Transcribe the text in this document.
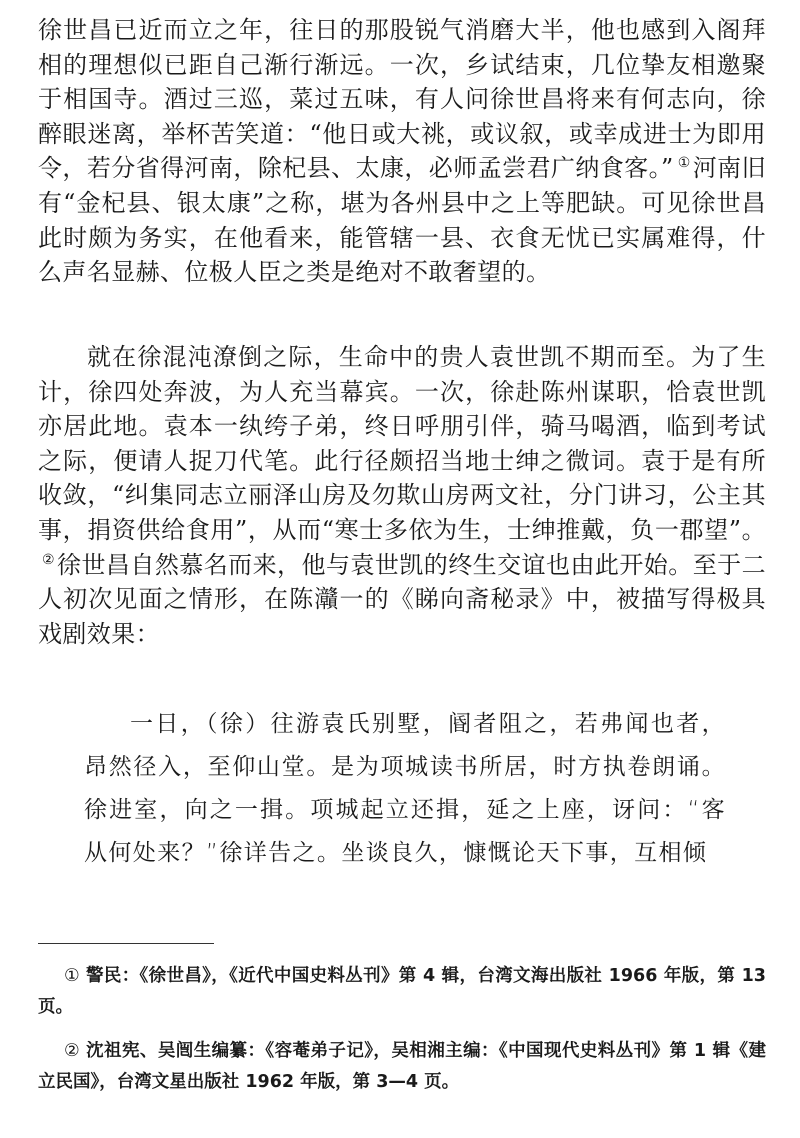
徐世昌已近而立之年，往日的那股锐气消磨大半，他也感到入阁拜相的理想似已距自己渐行渐远。一次，乡试结束，几位挚友相邀聚于相国寺。酒过三巡，菜过五味，有人问徐世昌将来有何志向，徐醉眼迷离，举杯苦笑道：“他日或大祧，或议叙，或幸成进士为即用令，若分省得河南，除杞县、太康，必师孟尝君广纳食客。” ①河南旧有“金杞县、银太康”之称，堪为各州县中之上等肥缺。可见徐世昌此时颇为务实，在他看来，能管辖一县、衣食无忧已实属难得，什么声名显赫、位极人臣之类是绝对不敢奢望的。

就在徐混沌潦倒之际，生命中的贵人袁世凯不期而至。为了生计，徐四处奔波，为人充当幕宾。一次，徐赴陈州谋职，恰袁世凯亦居此地。袁本一纨绔子弟，终日呼朋引伴，骑马喝酒，临到考试之际，便请人捉刀代笔。此行径颇招当地士绅之微词。袁于是有所收敛，“纠集同志立丽泽山房及勿欺山房两文社，分门讲习，公主其事，捐资供给食用”，从而“寒士多依为生，士绅推戴，负一郡望”。②徐世昌自然慕名而来，他与袁世凯的终生交谊也由此开始。至于二人初次见面之情形，在陈灨一的《睇向斋秘录》中，被描写得极具戏剧效果：

一日，（徐）往游袁氏别墅，阍者阻之，若弗闻也者，昂然径入，至仰山堂。是为项城读书所居，时方执卷朗诵。徐进室，向之一揖。项城起立还揖，延之上座，讶问：“客从何处来？”徐详告之。坐谈良久，慷慨论天下事，互相倾

① 警民：《徐世昌》，《近代中国史料丛刊》第 4 辑，台湾文海出版社 1966 年版，第 13 页。

② 沈祖宪、吴闿生编纂：《容菴弟子记》，吴相湘主编：《中国现代史料丛刊》第 1 辑《建立民国》，台湾文星出版社 1962 年版，第 3—4 页。
